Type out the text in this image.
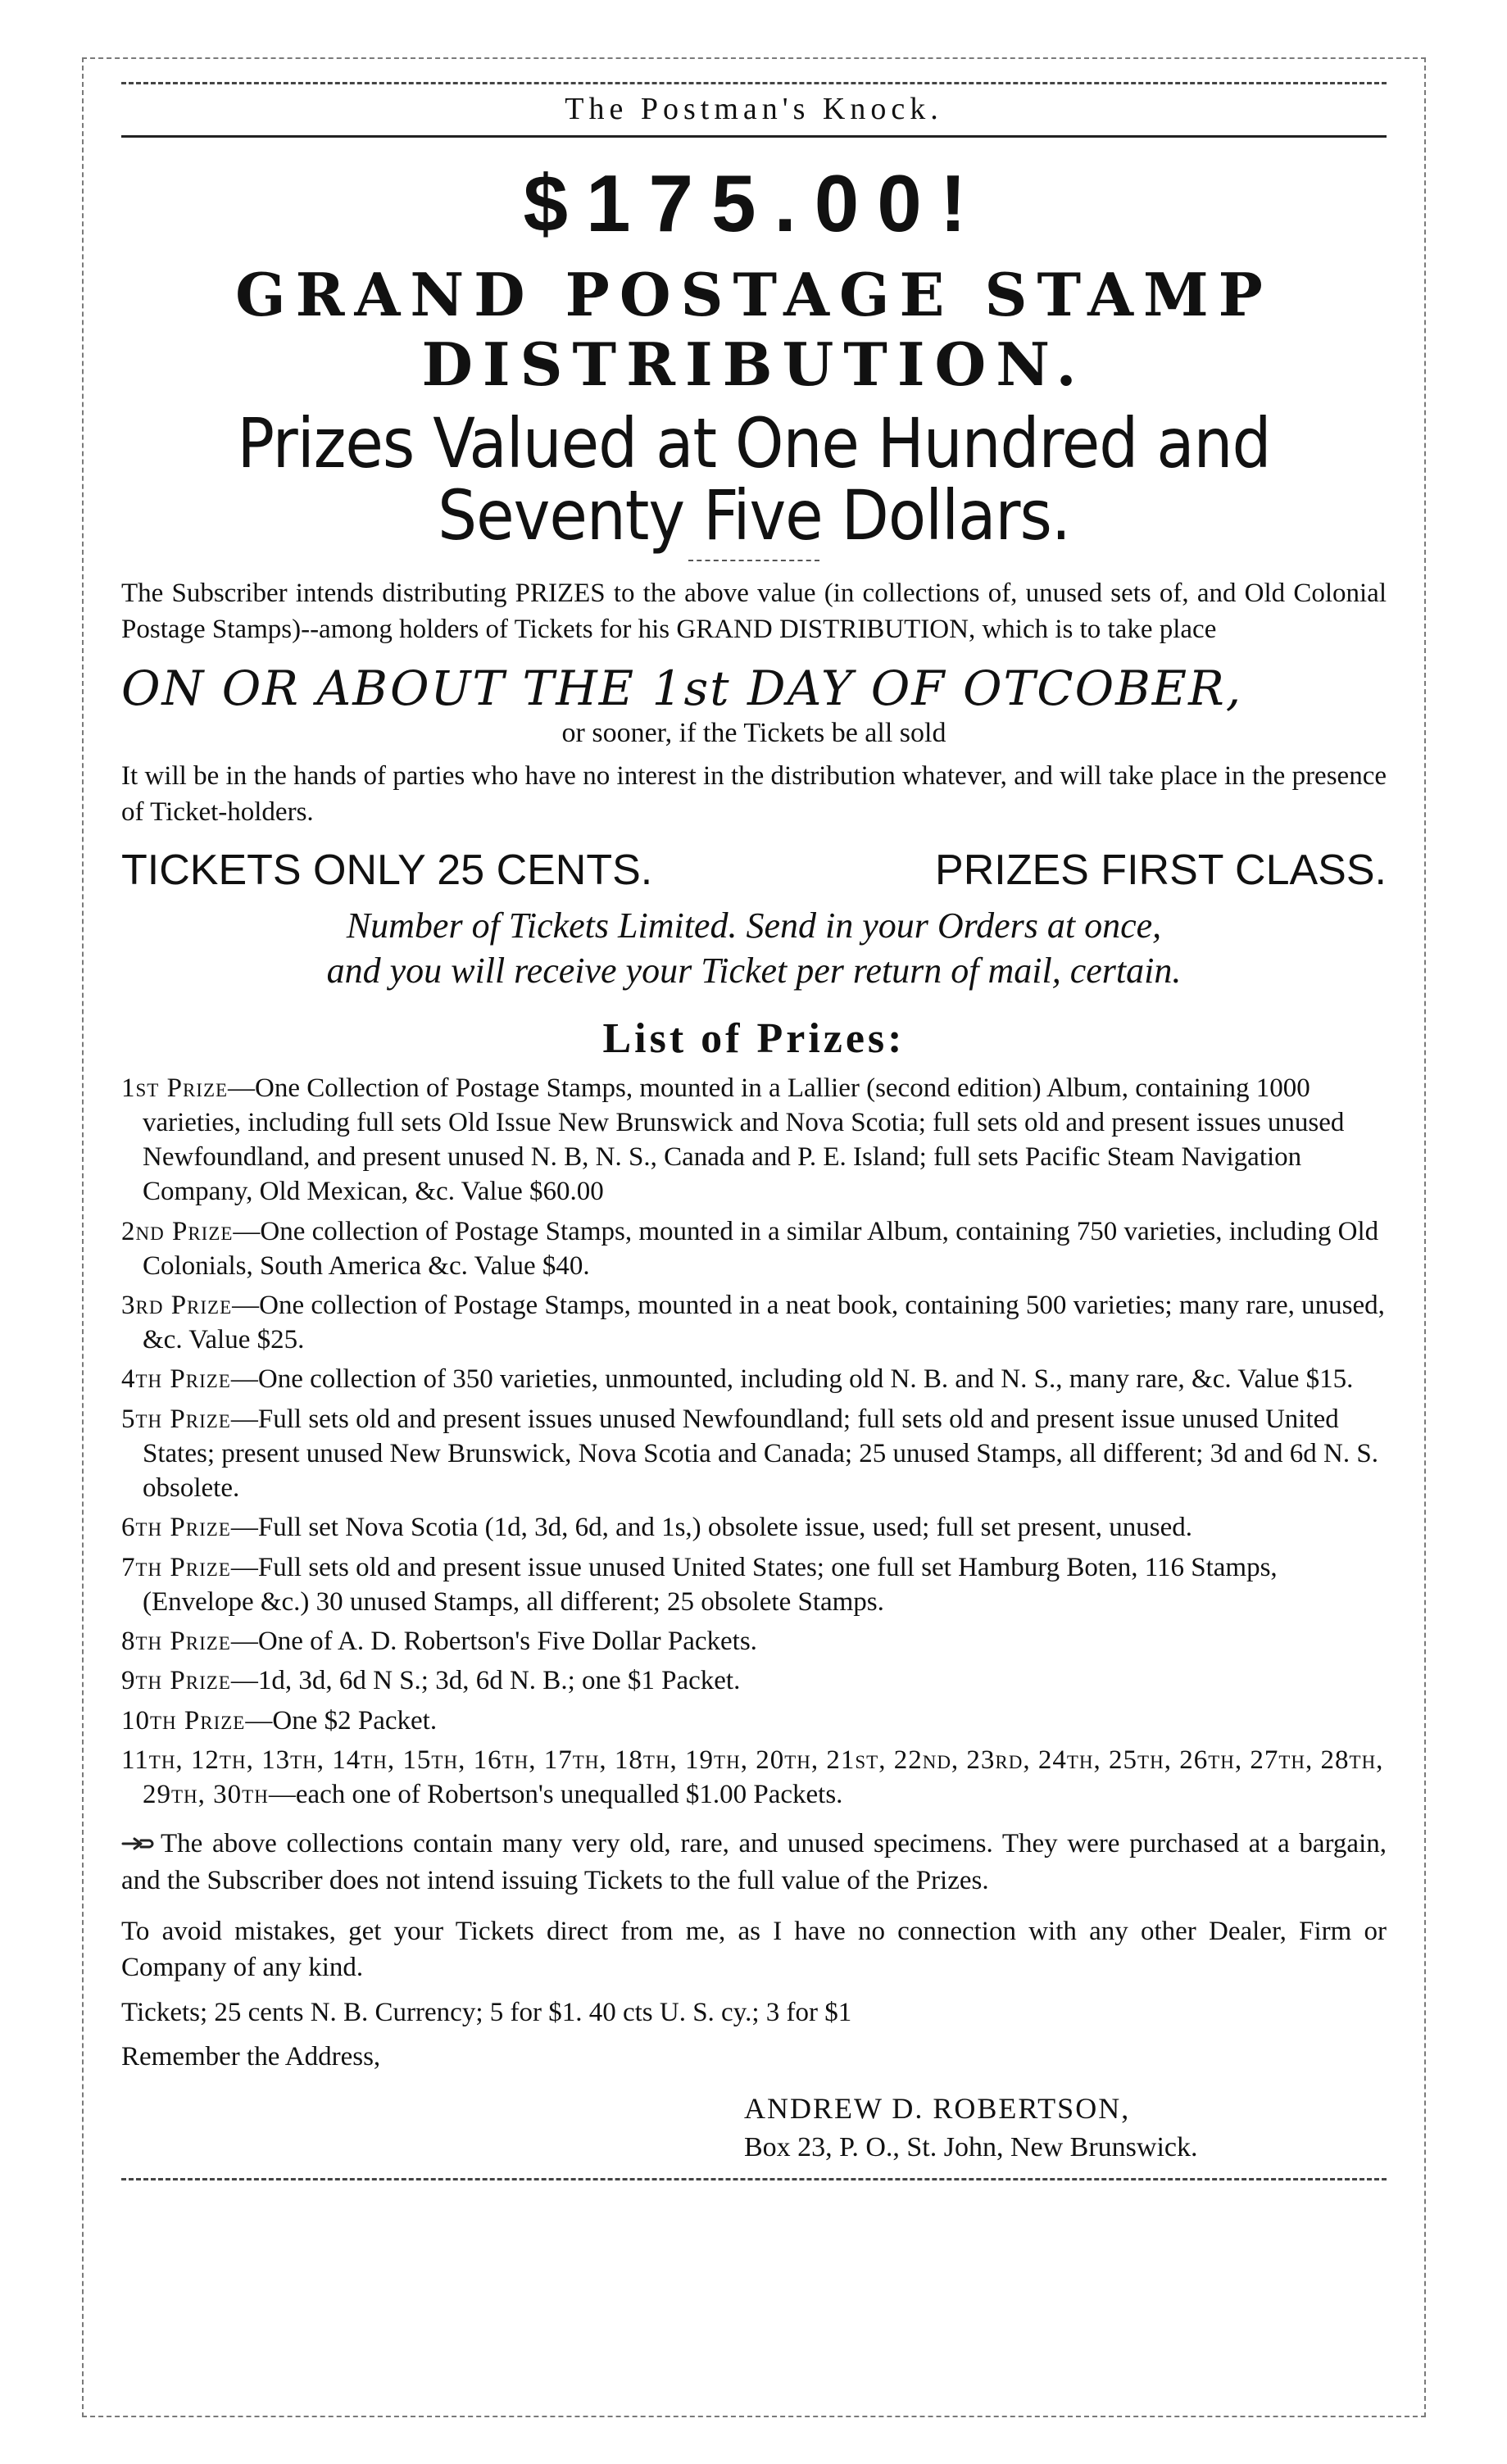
The Postman's Knock.
$175.00!
GRAND POSTAGE STAMP DISTRIBUTION.
Prizes Valued at One Hundred and Seventy Five Dollars.

The Subscriber intends distributing PRIZES to the above value (in collections of, unused sets of, and Old Colonial Postage Stamps)--among holders of Tickets for his GRAND DISTRIBUTION, which is to take place

ON OR ABOUT THE 1st DAY OF OTCOBER,
or sooner, if the Tickets be all sold

It will be in the hands of parties who have no interest in the distribution whatever, and will take place in the presence of Ticket-holders.

TICKETS ONLY 25 CENTS.	PRIZES FIRST CLASS.
Number of Tickets Limited. Send in your Orders at once,
and you will receive your Ticket per return of mail, certain.
List of Prizes:
1st Prize—One Collection of Postage Stamps, mounted in a Lallier (second edition) Album, containing 1000 varieties, including full sets Old Issue New Brunswick and Nova Scotia; full sets old and present issues unused Newfoundland, and present unused N. B, N. S., Canada and P. E. Island; full sets Pacific Steam Navigation Company, Old Mexican, &c. Value $60.00
2nd Prize—One collection of Postage Stamps, mounted in a similar Album, containing 750 varieties, including Old Colonials, South America &c. Value $40.
3rd Prize—One collection of Postage Stamps, mounted in a neat book, containing 500 varieties; many rare, unused, &c. Value $25.
4th Prize—One collection of 350 varieties, unmounted, including old N. B. and N. S., many rare, &c. Value $15.
5th Prize—Full sets old and present issues unused Newfoundland; full sets old and present issue unused United States; present unused New Brunswick, Nova Scotia and Canada; 25 unused Stamps, all different; 3d and 6d N. S. obsolete.
6th Prize—Full set Nova Scotia (1d, 3d, 6d, and 1s,) obsolete issue, used; full set present, unused.
7th Prize—Full sets old and present issue unused United States; one full set Hamburg Boten, 116 Stamps, (Envelope &c.) 30 unused Stamps, all different; 25 obsolete Stamps.
8th Prize—One of A. D. Robertson's Five Dollar Packets.
9th Prize—1d, 3d, 6d N S.; 3d, 6d N. B.; one $1 Packet.
10th Prize—One $2 Packet.
11th, 12th, 13th, 14th, 15th, 16th, 17th, 18th, 19th, 20th, 21st, 22nd, 23rd, 24th, 25th, 26th, 27th, 28th, 29th, 30th—each one of Robertson's unequalled $1.00 Packets.

The above collections contain many very old, rare, and unused specimens. They were purchased at a bargain, and the Subscriber does not intend issuing Tickets to the full value of the Prizes.

To avoid mistakes, get your Tickets direct from me, as I have no connection with any other Dealer, Firm or Company of any kind.

Tickets; 25 cents N. B. Currency; 5 for $1. 40 cts U. S. cy.; 3 for $1

Remember the Address,

ANDREW D. ROBERTSON,
Box 23, P. O., St. John, New Brunswick.
